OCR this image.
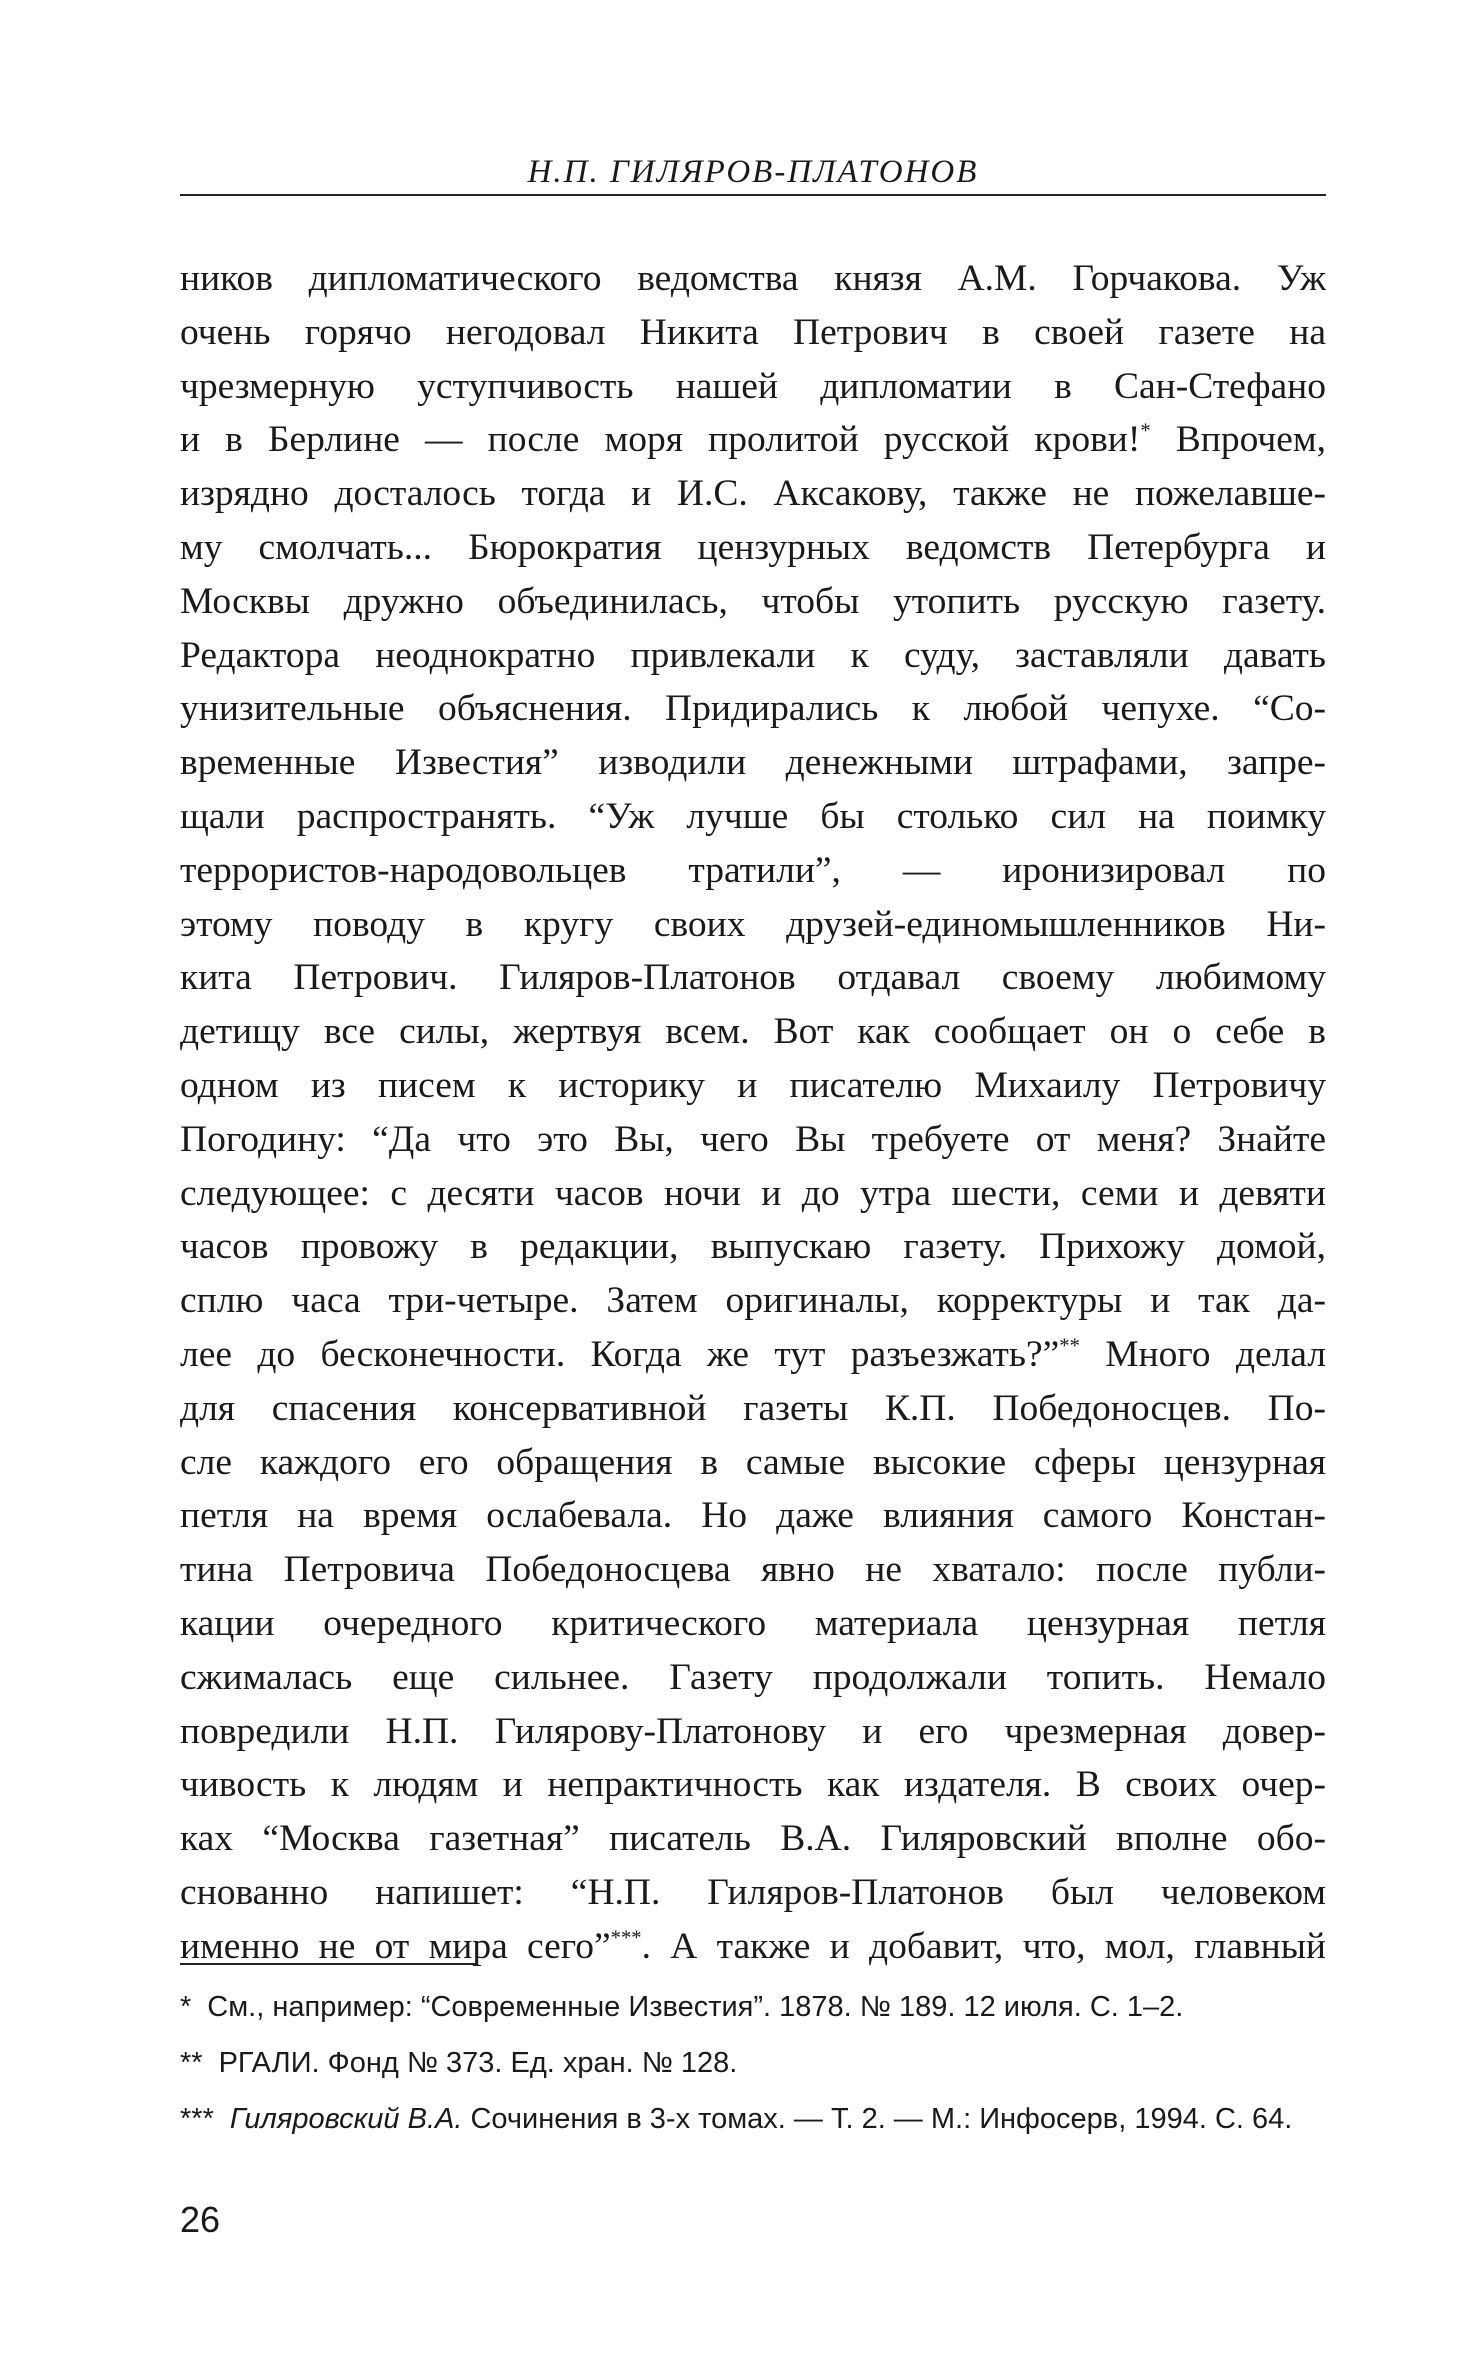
Н.П. ГИЛЯРОВ-ПЛАТОНОВ
ников дипломатического ведомства князя А.М. Горчакова. Уж
очень горячо негодовал Никита Петрович в своей газете на
чрезмерную уступчивость нашей дипломатии в Сан-Стефано
и в Берлине — после моря пролитой русской крови!* Впрочем,
изрядно досталось тогда и И.С. Аксакову, также не пожелавше-
му смолчать... Бюрократия цензурных ведомств Петербурга и
Москвы дружно объединилась, чтобы утопить русскую газету.
Редактора неоднократно привлекали к суду, заставляли давать
унизительные объяснения. Придирались к любой чепухе. “Со-
временные Известия” изводили денежными штрафами, запре-
щали распространять. “Уж лучше бы столько сил на поимку
террористов-народовольцев тратили”, — иронизировал по
этому поводу в кругу своих друзей-единомышленников Ни-
кита Петрович. Гиляров-Платонов отдавал своему любимому
детищу все силы, жертвуя всем. Вот как сообщает он о себе в
одном из писем к историку и писателю Михаилу Петровичу
Погодину: “Да что это Вы, чего Вы требуете от меня? Знайте
следующее: с десяти часов ночи и до утра шести, семи и девяти
часов провожу в редакции, выпускаю газету. Прихожу домой,
сплю часа три-четыре. Затем оригиналы, корректуры и так да-
лее до бесконечности. Когда же тут разъезжать?”** Много делал
для спасения консервативной газеты К.П. Победоносцев. По-
сле каждого его обращения в самые высокие сферы цензурная
петля на время ослабевала. Но даже влияния самого Констан-
тина Петровича Победоносцева явно не хватало: после публи-
кации очередного критического материала цензурная петля
сжималась еще сильнее. Газету продолжали топить. Немало
повредили Н.П. Гилярову-Платонову и его чрезмерная довер-
чивость к людям и непрактичность как издателя. В своих очер-
ках “Москва газетная” писатель В.А. Гиляровский вполне обо-
снованно напишет: “Н.П. Гиляров-Платонов был человеком
именно не от мира сего”***. А также и добавит, что, мол, главный
* См., например: “Современные Известия”. 1878. № 189. 12 июля. С. 1–2.
** РГАЛИ. Фонд № 373. Ед. хран. № 128.
*** Гиляровский В.А. Сочинения в 3-х томах. — Т. 2. — М.: Инфосерв, 1994. С. 64.
26
